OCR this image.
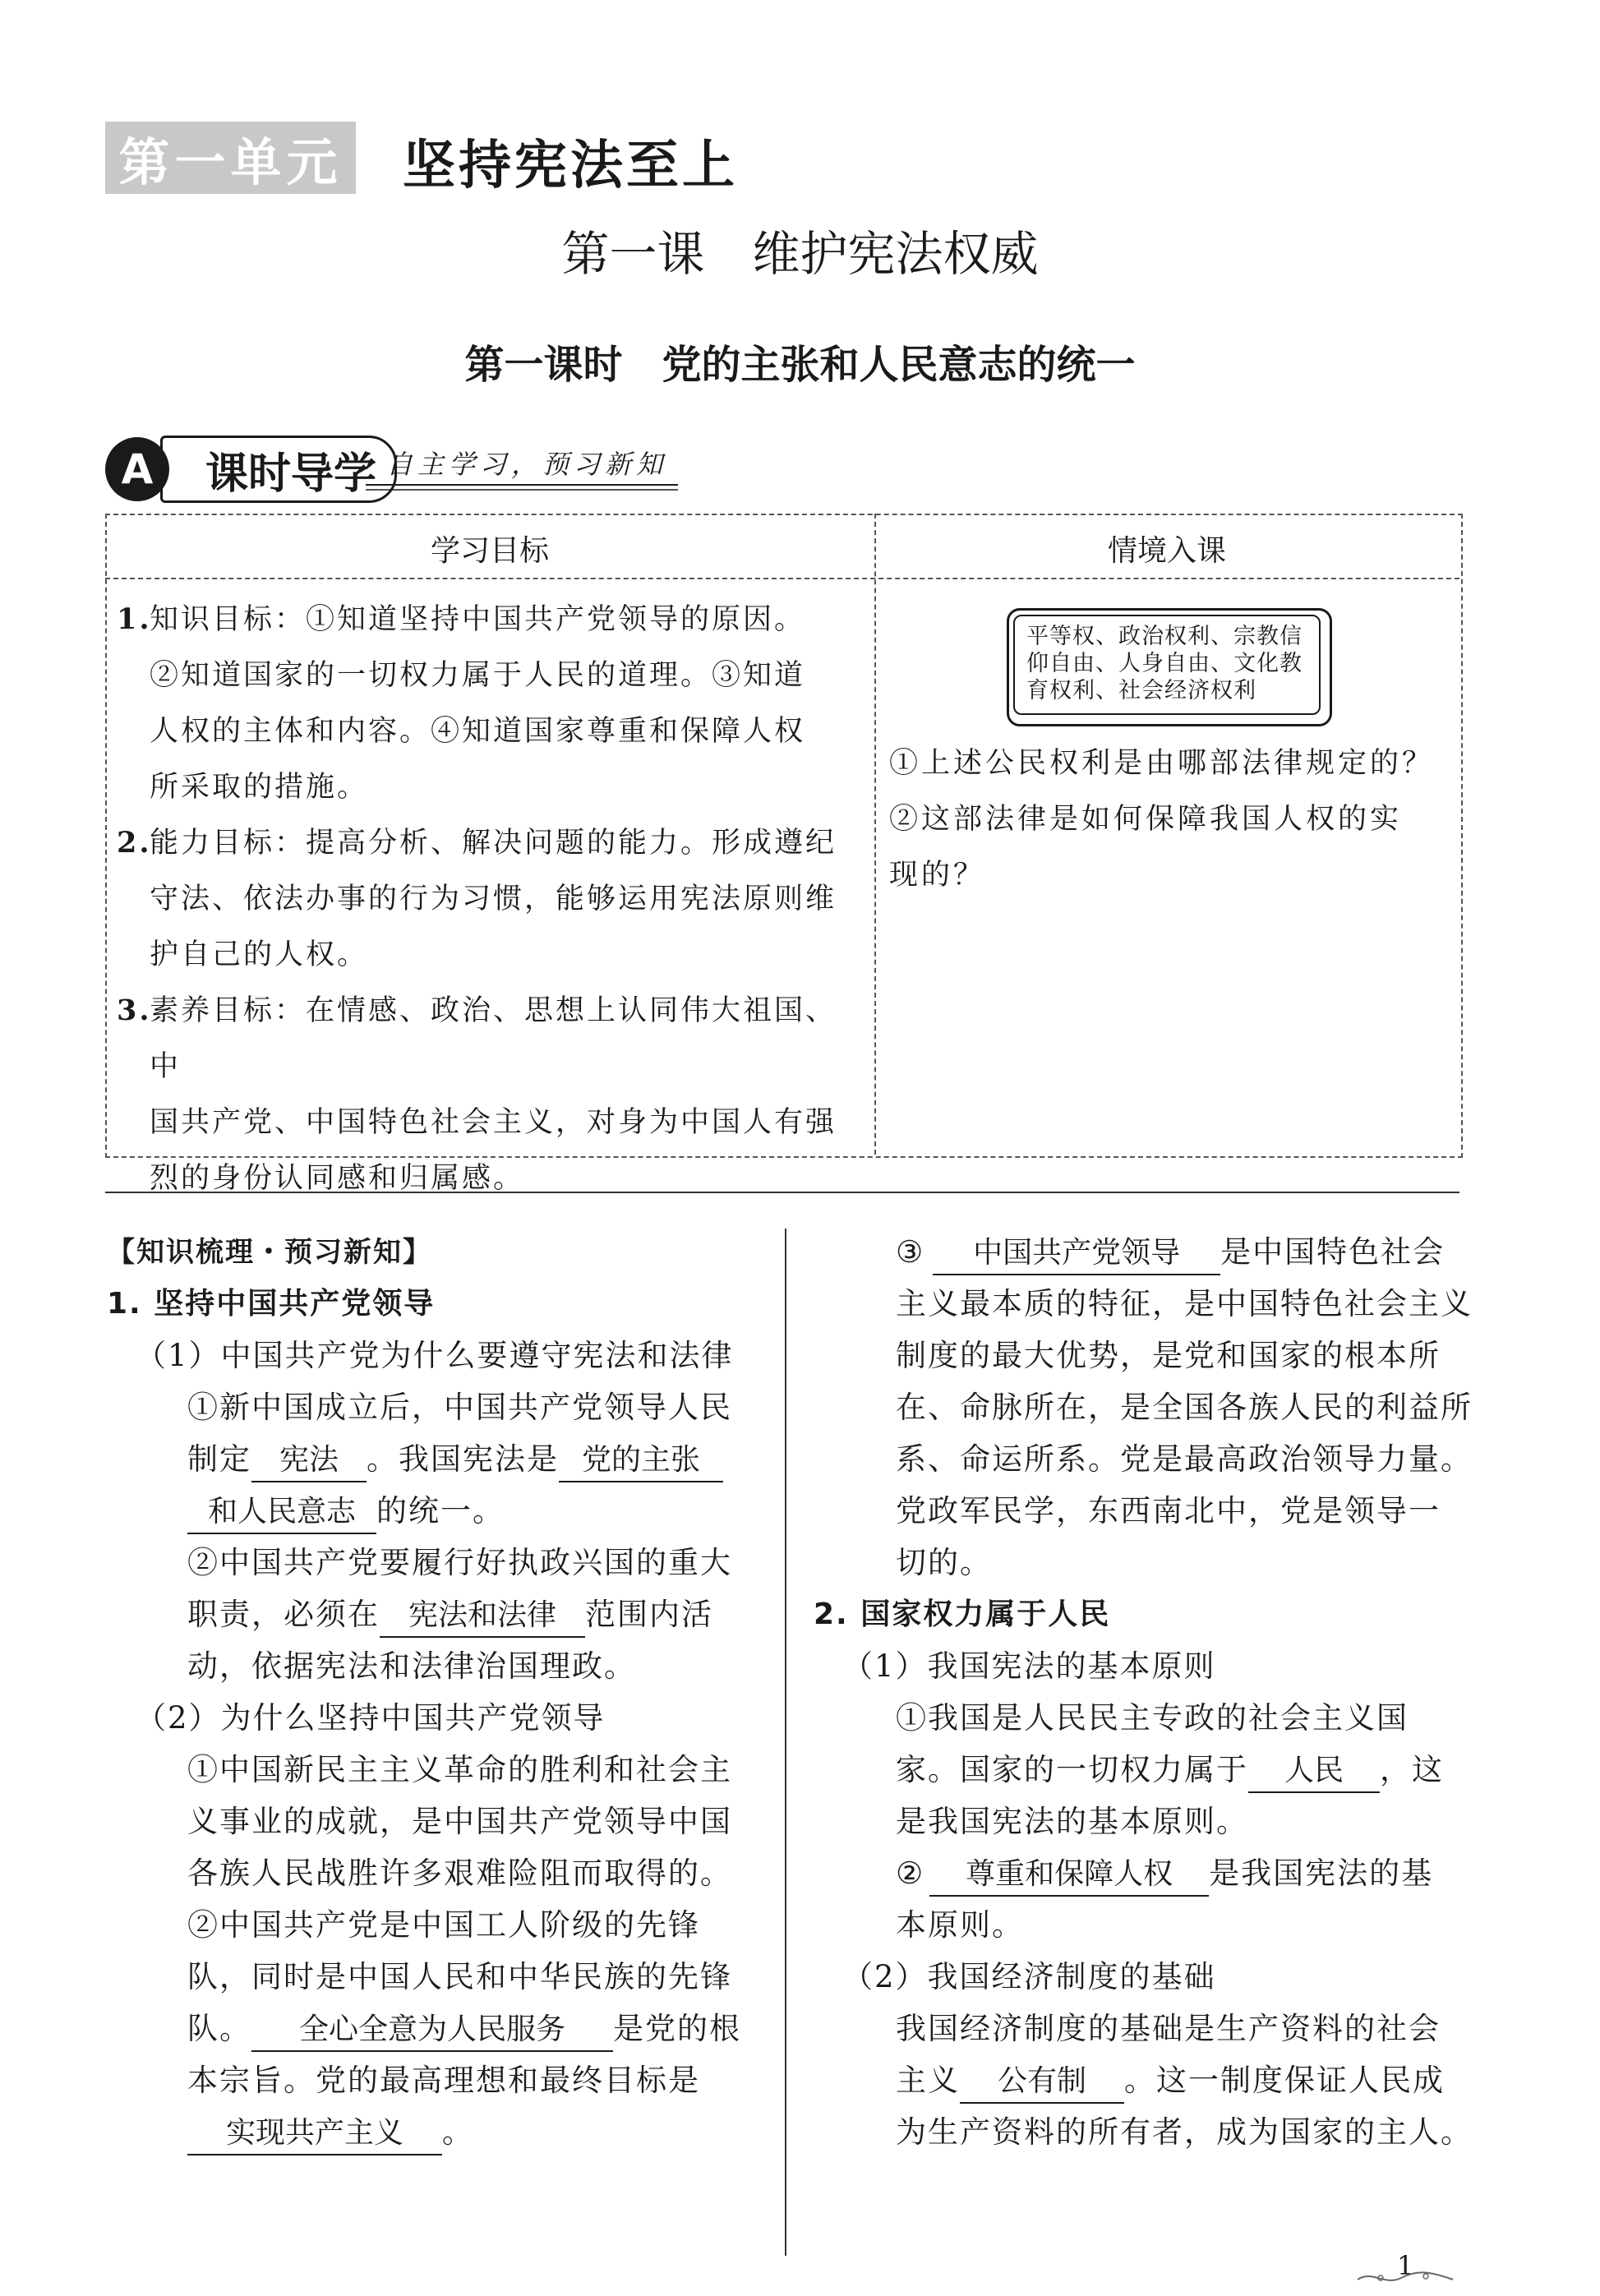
第一单元 坚持宪法至上
第一课　维护宪法权威
第一课时　党的主张和人民意志的统一
课时导学
A	自主学习，预习新知
学习目标	情境入课
1.
知识目标：①知道坚持中国共产党领导的原因。
②知道国家的一切权力属于人民的道理。③知道
人权的主体和内容。④知道国家尊重和保障人权
所采取的措施。
2.
能力目标：提高分析、解决问题的能力。形成遵纪
守法、依法办事的行为习惯，能够运用宪法原则维
护自己的人权。
3.
素养目标：在情感、政治、思想上认同伟大祖国、中
国共产党、中国特色社会主义，对身为中国人有强
烈的身份认同感和归属感。
平等权、政治权利、宗教信
仰自由、人身自由、文化教
育权利、社会经济权利
①上述公民权利是由哪部法律规定的？
②这部法律是如何保障我国人权的实
现的？
【知识梳理・预习新知】
1. 坚持中国共产党领导
（1）中国共产党为什么要遵守宪法和法律
①新中国成立后，中国共产党领导人民
制定 宪法 。我国宪法是 党的主张
和人民意志 的统一。
②中国共产党要履行好执政兴国的重大
职责，必须在 宪法和法律 范围内活
动，依据宪法和法律治国理政。
（2）为什么坚持中国共产党领导
①中国新民主主义革命的胜利和社会主
义事业的成就，是中国共产党领导中国
各族人民战胜许多艰难险阻而取得的。
②中国共产党是中国工人阶级的先锋
队，同时是中国人民和中华民族的先锋
队。 全心全意为人民服务 是党的根
本宗旨。党的最高理想和最终目标是
实现共产主义 。
③ 中国共产党领导 是中国特色社会
主义最本质的特征，是中国特色社会主义
制度的最大优势，是党和国家的根本所
在、命脉所在，是全国各族人民的利益所
系、命运所系。党是最高政治领导力量。
党政军民学，东西南北中，党是领导一
切的。
2. 国家权力属于人民
（1）我国宪法的基本原则
①我国是人民民主专政的社会主义国
家。国家的一切权力属于 人民 ，这
是我国宪法的基本原则。
② 尊重和保障人权 是我国宪法的基
本原则。
（2）我国经济制度的基础
我国经济制度的基础是生产资料的社会
主义 公有制 。这一制度保证人民成
为生产资料的所有者，成为国家的主人。
1
